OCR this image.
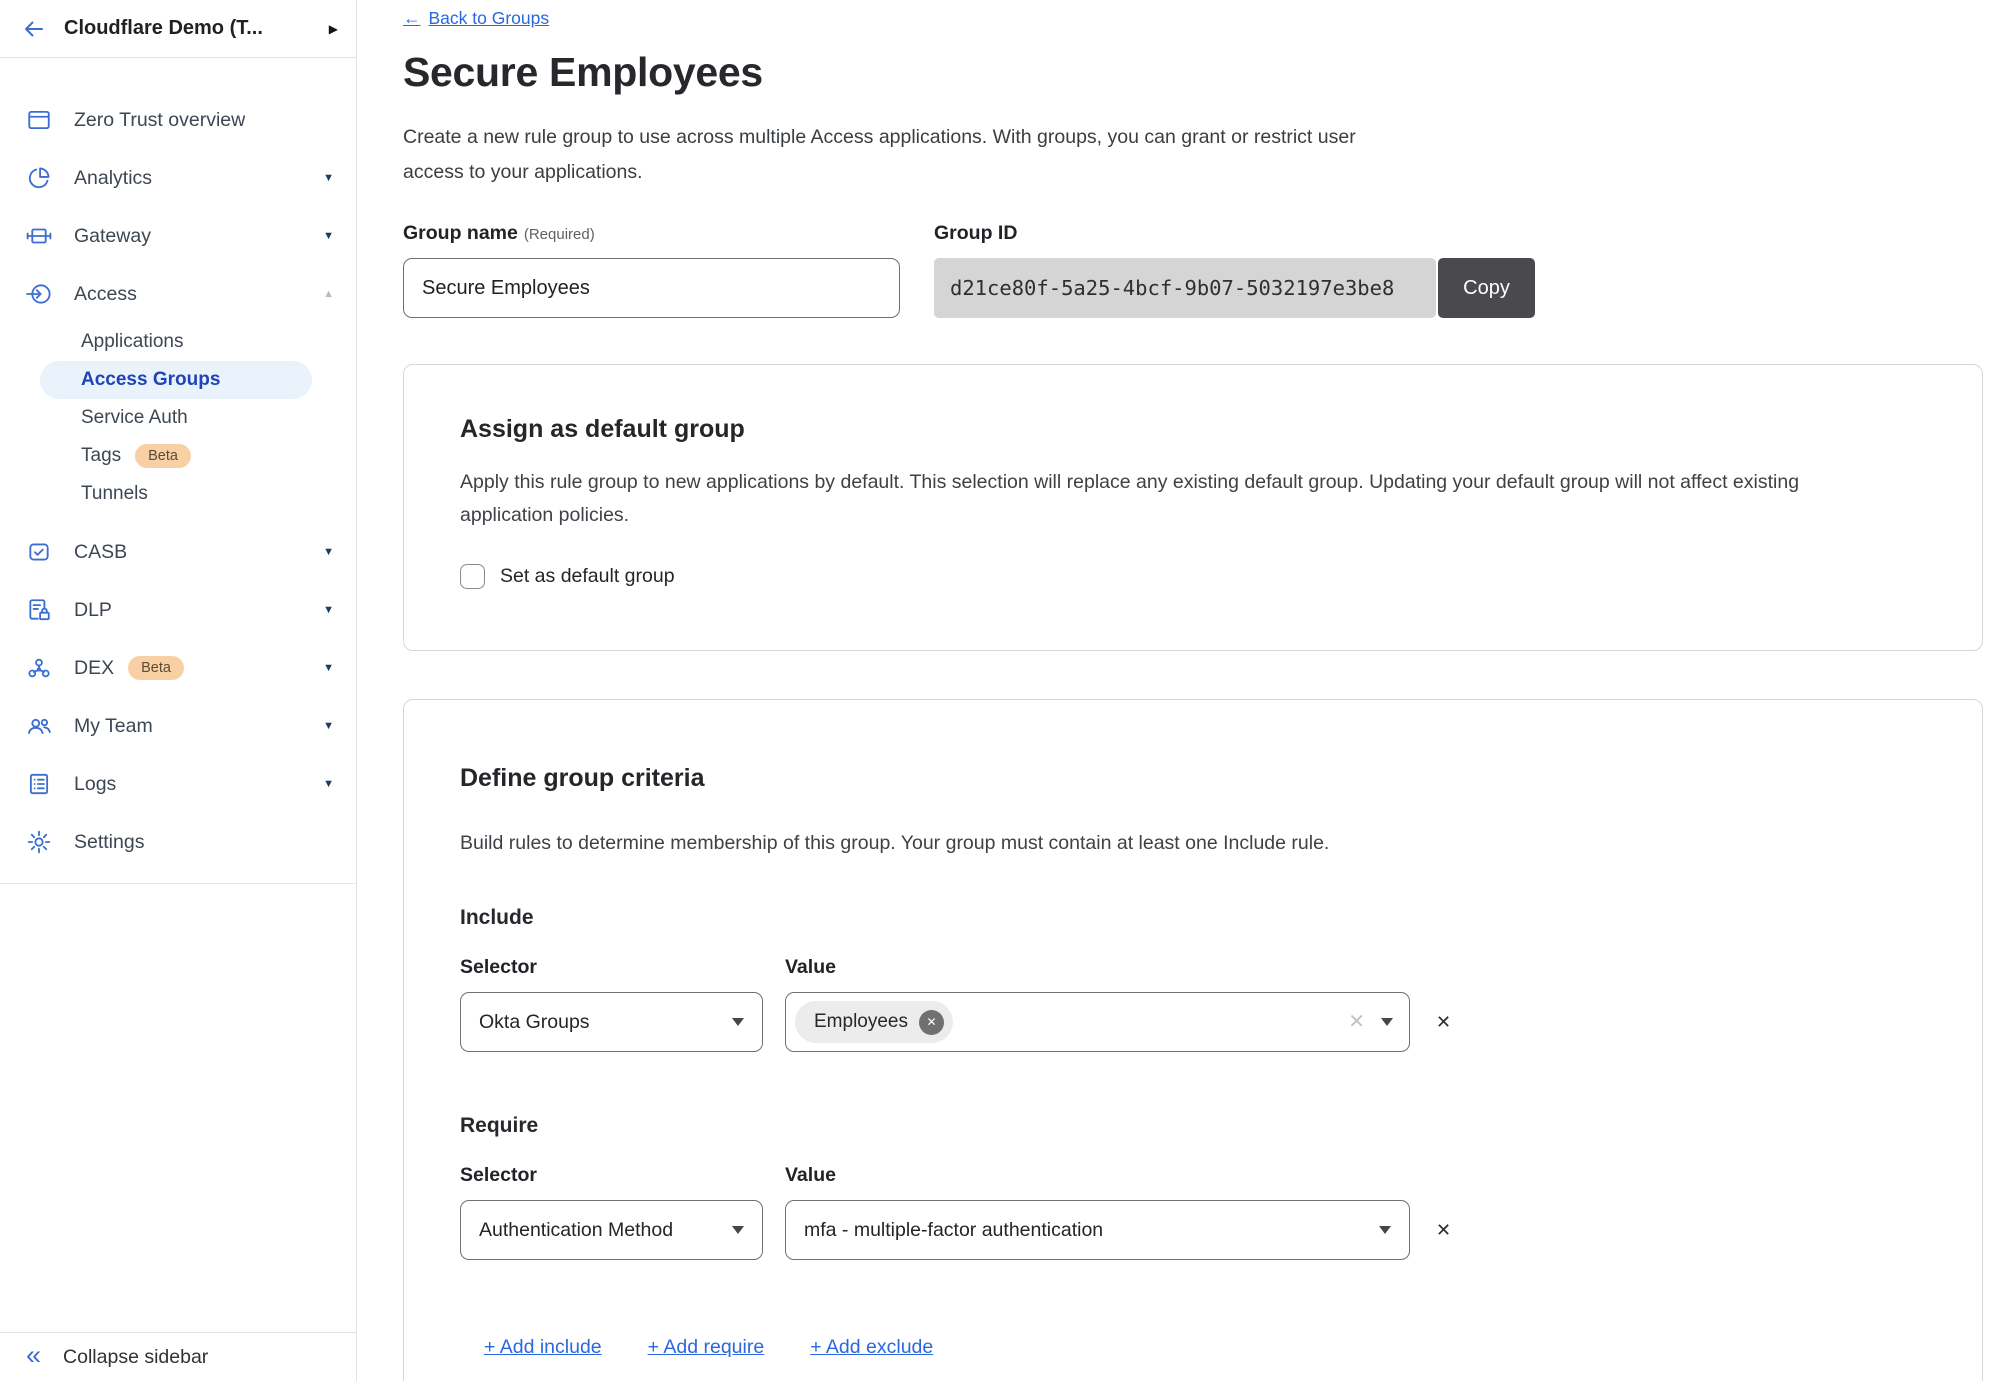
Cloudflare Demo (T...	▶
Zero Trust overview
Analytics	▼
Gateway	▼
Access	▲
Applications
Access Groups
Service Auth
Tags	Beta
Tunnels
CASB	▼
DLP	▼
DEX	Beta	▼
My Team	▼
Logs	▼
Settings
« Collapse sidebar
← Back to Groups
Secure Employees

Create a new rule group to use across multiple Access applications. With groups, you can grant or restrict user access to your applications.

Group name (Required)
Secure Employees	Group ID
d21ce80f-5a25-4bcf-9b07-5032197e3be8	Copy
Assign as default group

Apply this rule group to new applications by default. This selection will replace any existing default group. Updating your default group will not affect existing application policies.

Set as default group
Define group criteria

Build rules to determine membership of this group. Your group must contain at least one Include rule.

Include
Selector	Value
Okta Groups	Employees	✕	✕	✕
Require
Selector	Value
Authentication Method	mfa - multiple-factor authentication	✕
+ Add include + Add require + Add exclude
